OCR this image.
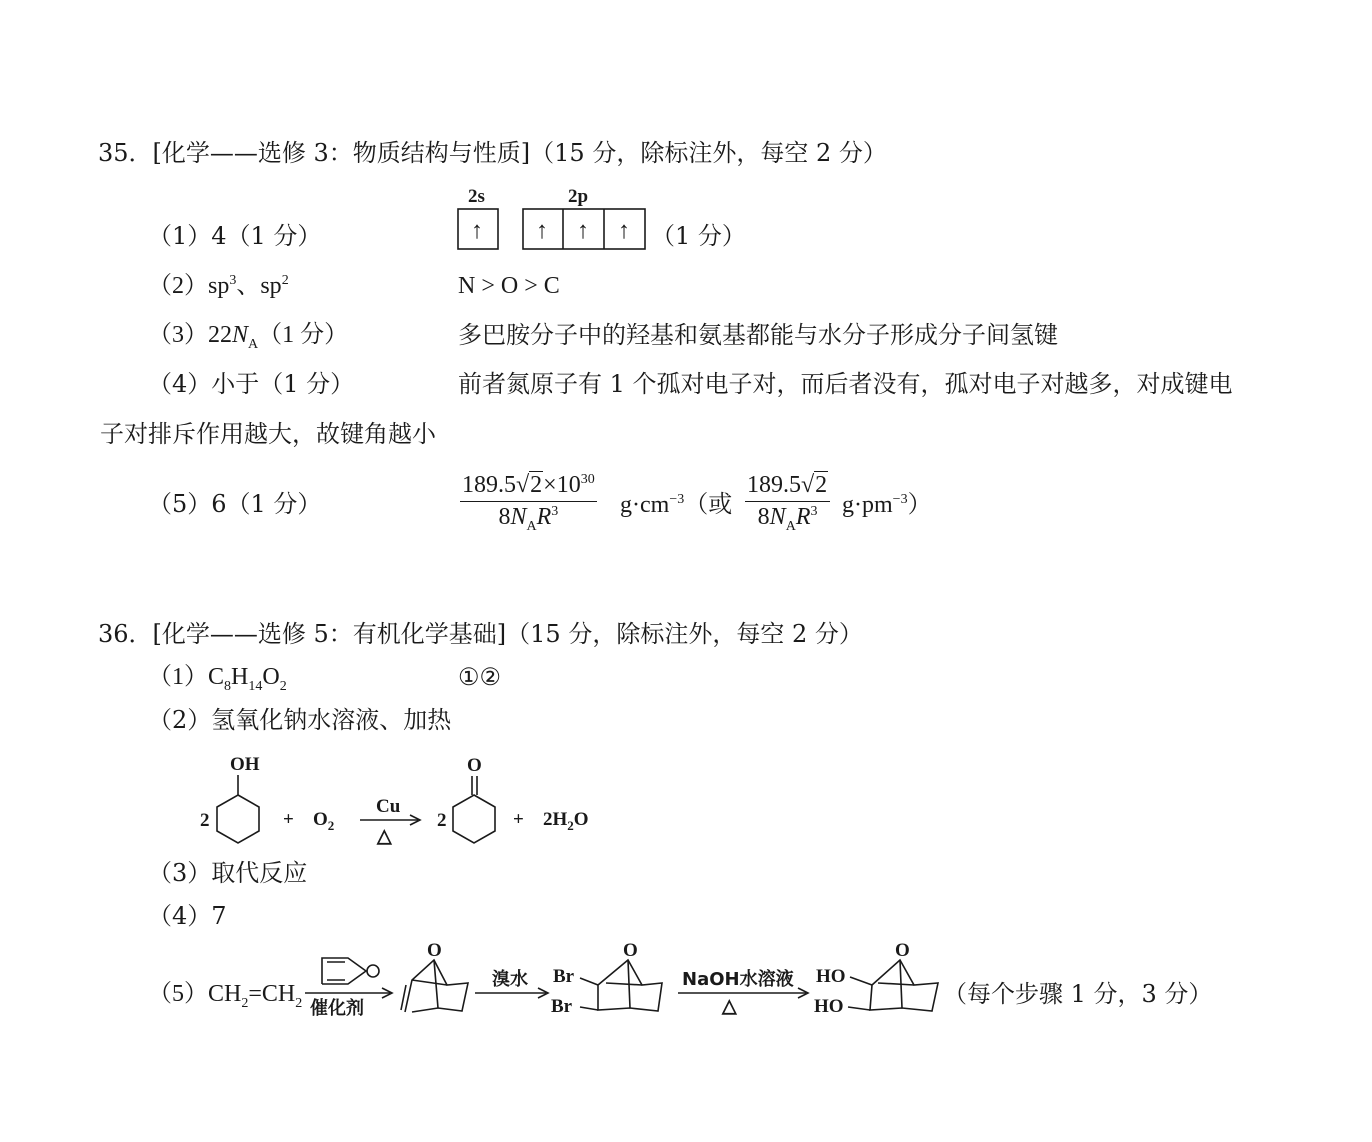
35．[化学——选修 3：物质结构与性质]（15 分，除标注外，每空 2 分）
（1）4（1 分）
2s	2p
↑ ↑ ↑ ↑ （1 分）
$(2)sp^3$、$sp^2$	N > O > C
$(3)22N_A(1$ 分）	多巴胺分子中的羟基和氨基都能与水分子形成分子间氢键
（4）小于（1 分）	前者氮原子有 1 个孤对电子对，而后者没有，孤对电子对越多，对成键电
子对排斥作用越大，故键角越小
（5）6（1 分）
$189.5√2\times 10^{30}$
$8N_AR^3$	$g\cdot cm^{-3}$（或
189.5√2
$8N_AR^3$	$g\cdot pm^{-3}$）
36．[化学——选修 5：有机化学基础]（15 分，除标注外，每空 2 分）
$(1)C_8H_{14}O_2$	①②
（2）氢氧化钠水溶液、加热
OH
2	+ $O_2$
Cu
△
2
O
+ $2H_2O$
（3）取代反应
（4）7
$(5)CH_2=CH_2$ 催化剂
O
溴水 Br
Br
O
NaOH水溶液
△
HO
HO
O
（每个步骤 1 分，3 分）
